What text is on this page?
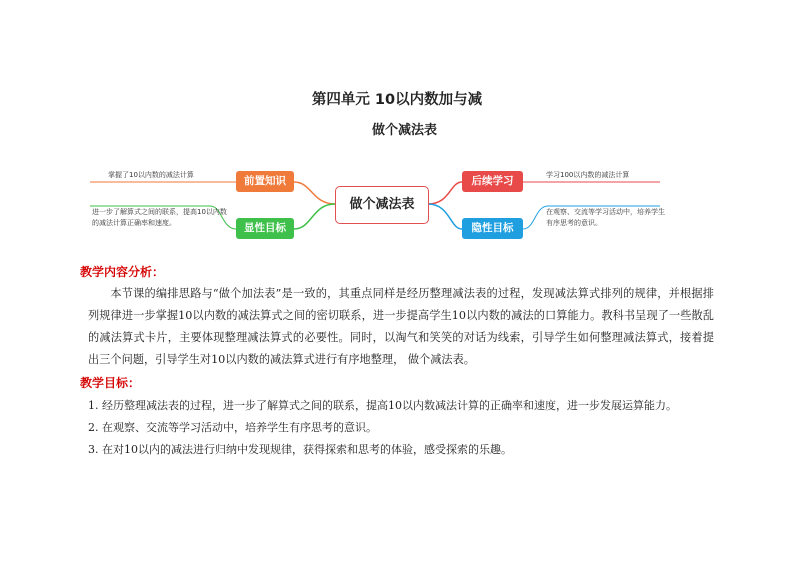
第四单元 10以内数加与减
做个减法表
前置知识
显性目标
后续学习
隐性目标
做个减法表
掌握了10以内数的减法计算
进一步了解算式之间的联系，提高10以内数的减法计算正确率和速度。
学习100以内数的减法计算
在观察、交流等学习活动中，培养学生有序思考的意识。
教学内容分析：
本节课的编排思路与“做个加法表”是一致的，其重点同样是经历整理减法表的过程，发现减法算式排列的规律，并根据排列规律进一步掌握10以内数的减法算式之间的密切联系，进一步提高学生10以内数的减法的口算能力。教科书呈现了一些散乱的减法算式卡片，主要体现整理减法算式的必要性。同时，以淘气和笑笑的对话为线索，引导学生如何整理减法算式，接着提出三个问题，引导学生对10以内数的减法算式进行有序地整理， 做个减法表。
教学目标：
1. 经历整理减法表的过程，进一步了解算式之间的联系，提高10以内数减法计算的正确率和速度，进一步发展运算能力。
2. 在观察、交流等学习活动中，培养学生有序思考的意识。
3. 在对10以内的减法进行归纳中发现规律，获得探索和思考的体验，感受探索的乐趣。
